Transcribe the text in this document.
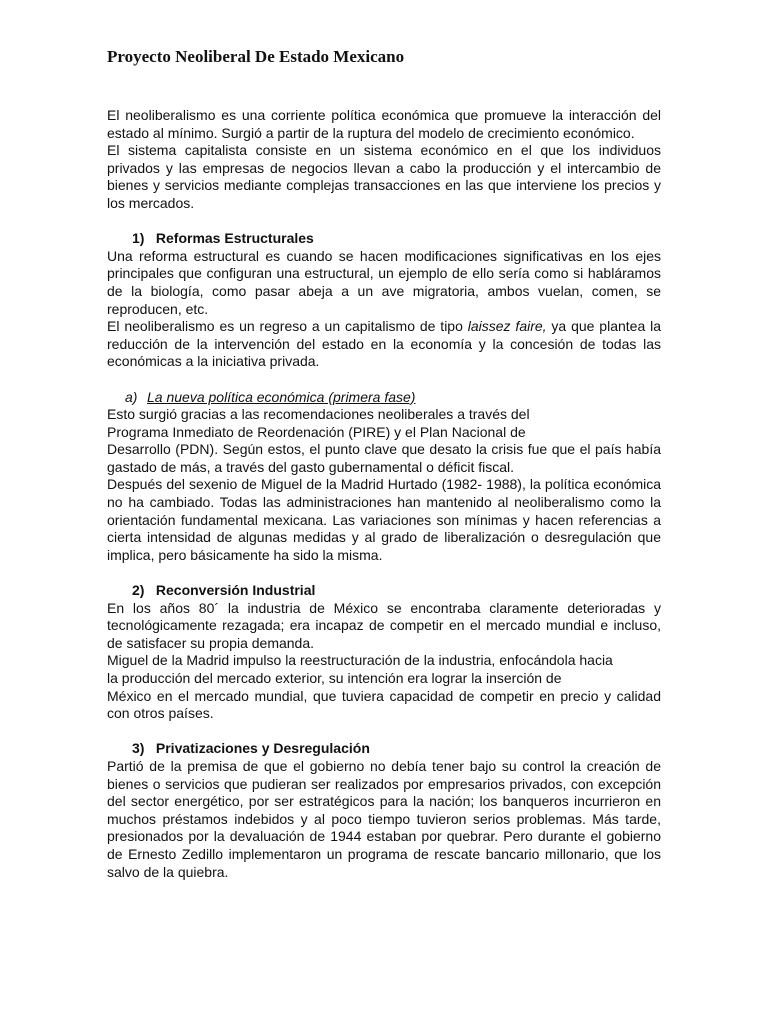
Proyecto Neoliberal De Estado Mexicano

El neoliberalismo es una corriente política económica que promueve la interacción del estado al mínimo. Surgió a partir de la ruptura del modelo de crecimiento económico.

El sistema capitalista consiste en un sistema económico en el que los individuos privados y las empresas de negocios llevan a cabo la producción y el intercambio de bienes y servicios mediante complejas transacciones en las que interviene los precios y los mercados.

1) Reformas Estructurales

Una reforma estructural es cuando se hacen modificaciones significativas en los ejes principales que configuran una estructural, un ejemplo de ello sería como si habláramos de la biología, como pasar abeja a un ave migratoria, ambos vuelan, comen, se reproducen, etc.

El neoliberalismo es un regreso a un capitalismo de tipo laissez faire, ya que plantea la reducción de la intervención del estado en la economía y la concesión de todas las económicas a la iniciativa privada.

a) La nueva política económica (primera fase)

Esto surgió gracias a las recomendaciones neoliberales a través del

Programa Inmediato de Reordenación (PIRE) y el Plan Nacional de

Desarrollo (PDN). Según estos, el punto clave que desato la crisis fue que el país había gastado de más, a través del gasto gubernamental o déficit fiscal.

Después del sexenio de Miguel de la Madrid Hurtado (1982- 1988), la política económica no ha cambiado. Todas las administraciones han mantenido al neoliberalismo como la orientación fundamental mexicana. Las variaciones son mínimas y hacen referencias a cierta intensidad de algunas medidas y al grado de liberalización o desregulación que implica, pero básicamente ha sido la misma.

2) Reconversión Industrial

En los años 80´ la industria de México se encontraba claramente deterioradas y tecnológicamente rezagada; era incapaz de competir en el mercado mundial e incluso, de satisfacer su propia demanda.

Miguel de la Madrid impulso la reestructuración de la industria, enfocándola hacia

la producción del mercado exterior, su intención era lograr la inserción de

México en el mercado mundial, que tuviera capacidad de competir en precio y calidad con otros países.

3) Privatizaciones y Desregulación

Partió de la premisa de que el gobierno no debía tener bajo su control la creación de bienes o servicios que pudieran ser realizados por empresarios privados, con excepción del sector energético, por ser estratégicos para la nación; los banqueros incurrieron en muchos préstamos indebidos y al poco tiempo tuvieron serios problemas. Más tarde, presionados por la devaluación de 1944 estaban por quebrar. Pero durante el gobierno de Ernesto Zedillo implementaron un programa de rescate bancario millonario, que los salvo de la quiebra.
